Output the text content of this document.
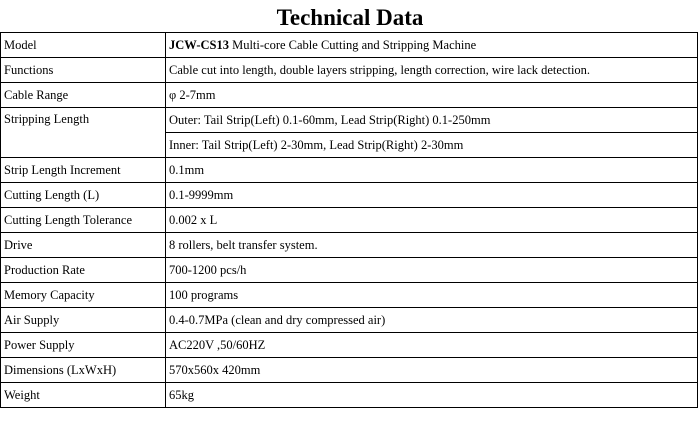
Technical Data
Model	JCW-CS13 Multi-core Cable Cutting and Stripping Machine
Functions	Cable cut into length, double layers stripping, length correction, wire lack detection.
Cable Range	φ 2-7mm
Stripping Length	Outer: Tail Strip(Left) 0.1-60mm, Lead Strip(Right) 0.1-250mm
	Inner: Tail Strip(Left) 2-30mm, Lead Strip(Right) 2-30mm
Strip Length Increment	0.1mm
Cutting Length (L)	0.1-9999mm
Cutting Length Tolerance	0.002 x L
Drive	8 rollers, belt transfer system.
Production Rate	700-1200 pcs/h
Memory Capacity	100 programs
Air Supply	0.4-0.7MPa (clean and dry compressed air)
Power Supply	AC220V ,50/60HZ
Dimensions (LxWxH)	570x560x 420mm
Weight	65kg
